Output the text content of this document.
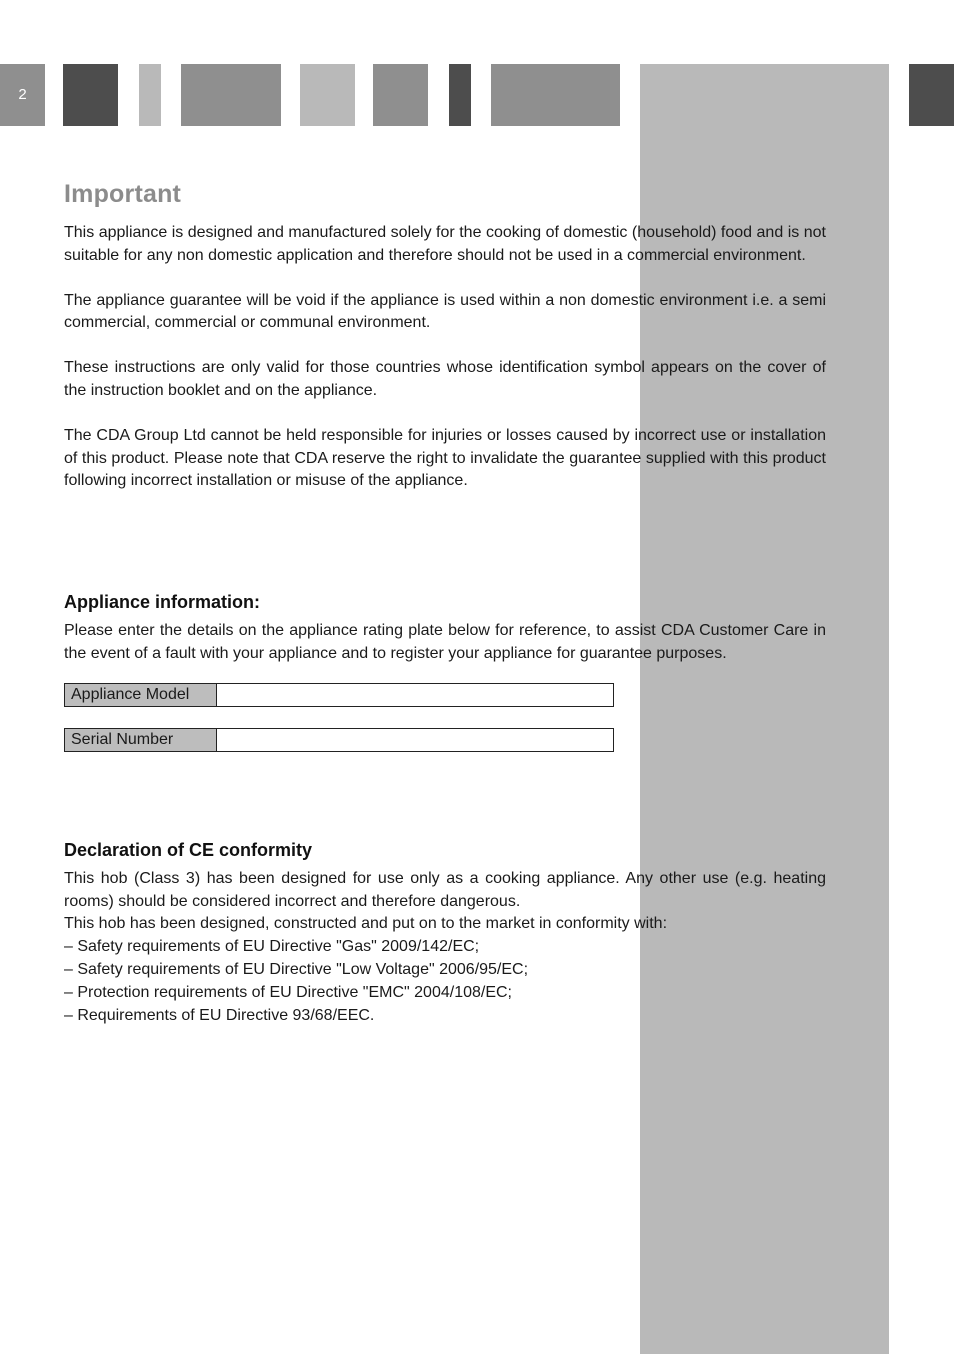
2
Important

This appliance is designed and manufactured solely for the cooking of domestic (household) food and is not suitable for any non domestic application and therefore should not be used in a commercial environment.

The appliance guarantee will be void if the appliance is used within a non domestic environment i.e. a semi commercial, commercial or communal environment.

These instructions are only valid for those countries whose identification symbol appears on the cover of the instruction booklet and on the appliance.

The CDA Group Ltd cannot be held responsible for injuries or losses caused by incorrect use or installation of this product. Please note that CDA reserve the right to invalidate the guarantee supplied with this product following incorrect installation or misuse of the appliance.

Appliance information:

Please enter the details on the appliance rating plate below for reference, to assist CDA Customer Care in the event of a fault with your appliance and to register your appliance for guarantee purposes.

Appliance Model
Serial Number
Declaration of CE conformity

This hob (Class 3) has been designed for use only as a cooking appliance. Any other use (e.g. heating rooms) should be considered incorrect and therefore dangerous.

This hob has been designed, constructed and put on to the market in conformity with:
– Safety requirements of EU Directive "Gas" 2009/142/EC;
– Safety requirements of EU Directive "Low Voltage" 2006/95/EC;
– Protection requirements of EU Directive "EMC" 2004/108/EC;
– Requirements of EU Directive 93/68/EEC.
